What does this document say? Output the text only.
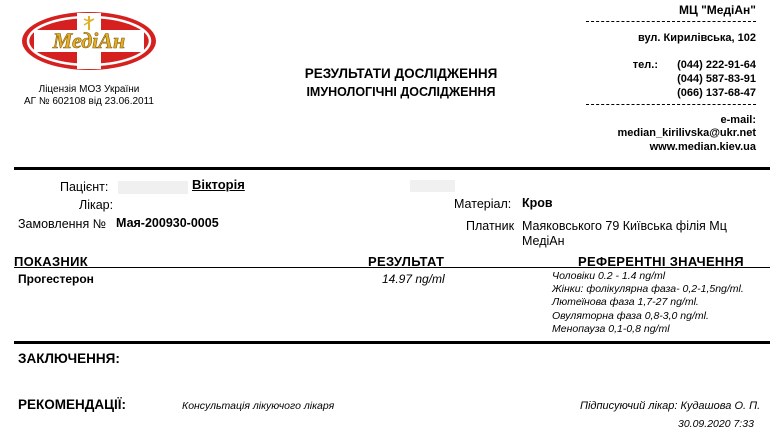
МедіАн
Ліцензія МОЗ України
АГ № 602108 від 23.06.2011
РЕЗУЛЬТАТИ ДОСЛІДЖЕННЯ
ІМУНОЛОГІЧНІ ДОСЛІДЖЕННЯ
МЦ "МедіАн"
вул. Кирилівська, 102
тел.: (044) 222-91-64
(044) 587-83-91
(066) 137-68-47
e-mail:
median_kirilivska@ukr.net
www.median.kiev.ua
Пацієнт:	Вікторія
Лікар:
Замовлення № Мая-200930-0005
Матеріал: Кров
Платник Маяковського 79 Київська філія Мц
МедіАн
ПОКАЗНИК	РЕЗУЛЬТАТ	РЕФЕРЕНТНІ ЗНАЧЕННЯ
Прогестерон	14.97 ng/ml	Чоловіки 0.2 - 1.4 ng/ml
Жінки: фолікулярна фаза- 0,2-1,5ng/ml.
Лютеїнова фаза 1,7-27 ng/ml.
Овуляторна фаза 0,8-3,0 ng/ml.
Менопауза 0,1-0,8 ng/ml
ЗАКЛЮЧЕННЯ:
РЕКОМЕНДАЦІЇ:	Консультація лікуючого лікаря	Підписуючий лікар: Кудашова О. П.
30.09.2020 7:33
